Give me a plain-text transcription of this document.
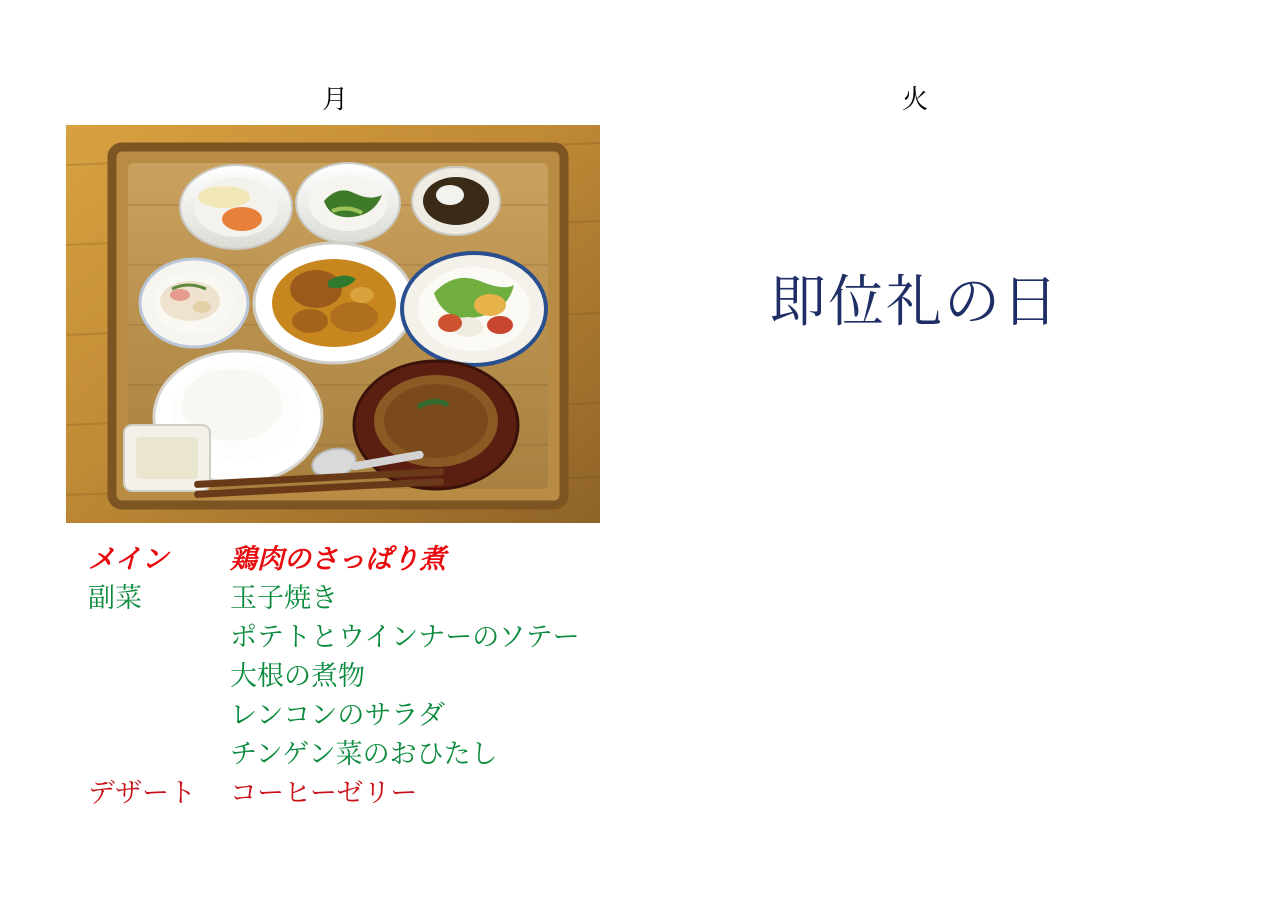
月	火
即位礼の日
メイン	鶏肉のさっぱり煮
副菜	玉子焼き
ポテトとウインナーのソテー
大根の煮物
レンコンのサラダ
チンゲン菜のおひたし
デザート	コーヒーゼリー
